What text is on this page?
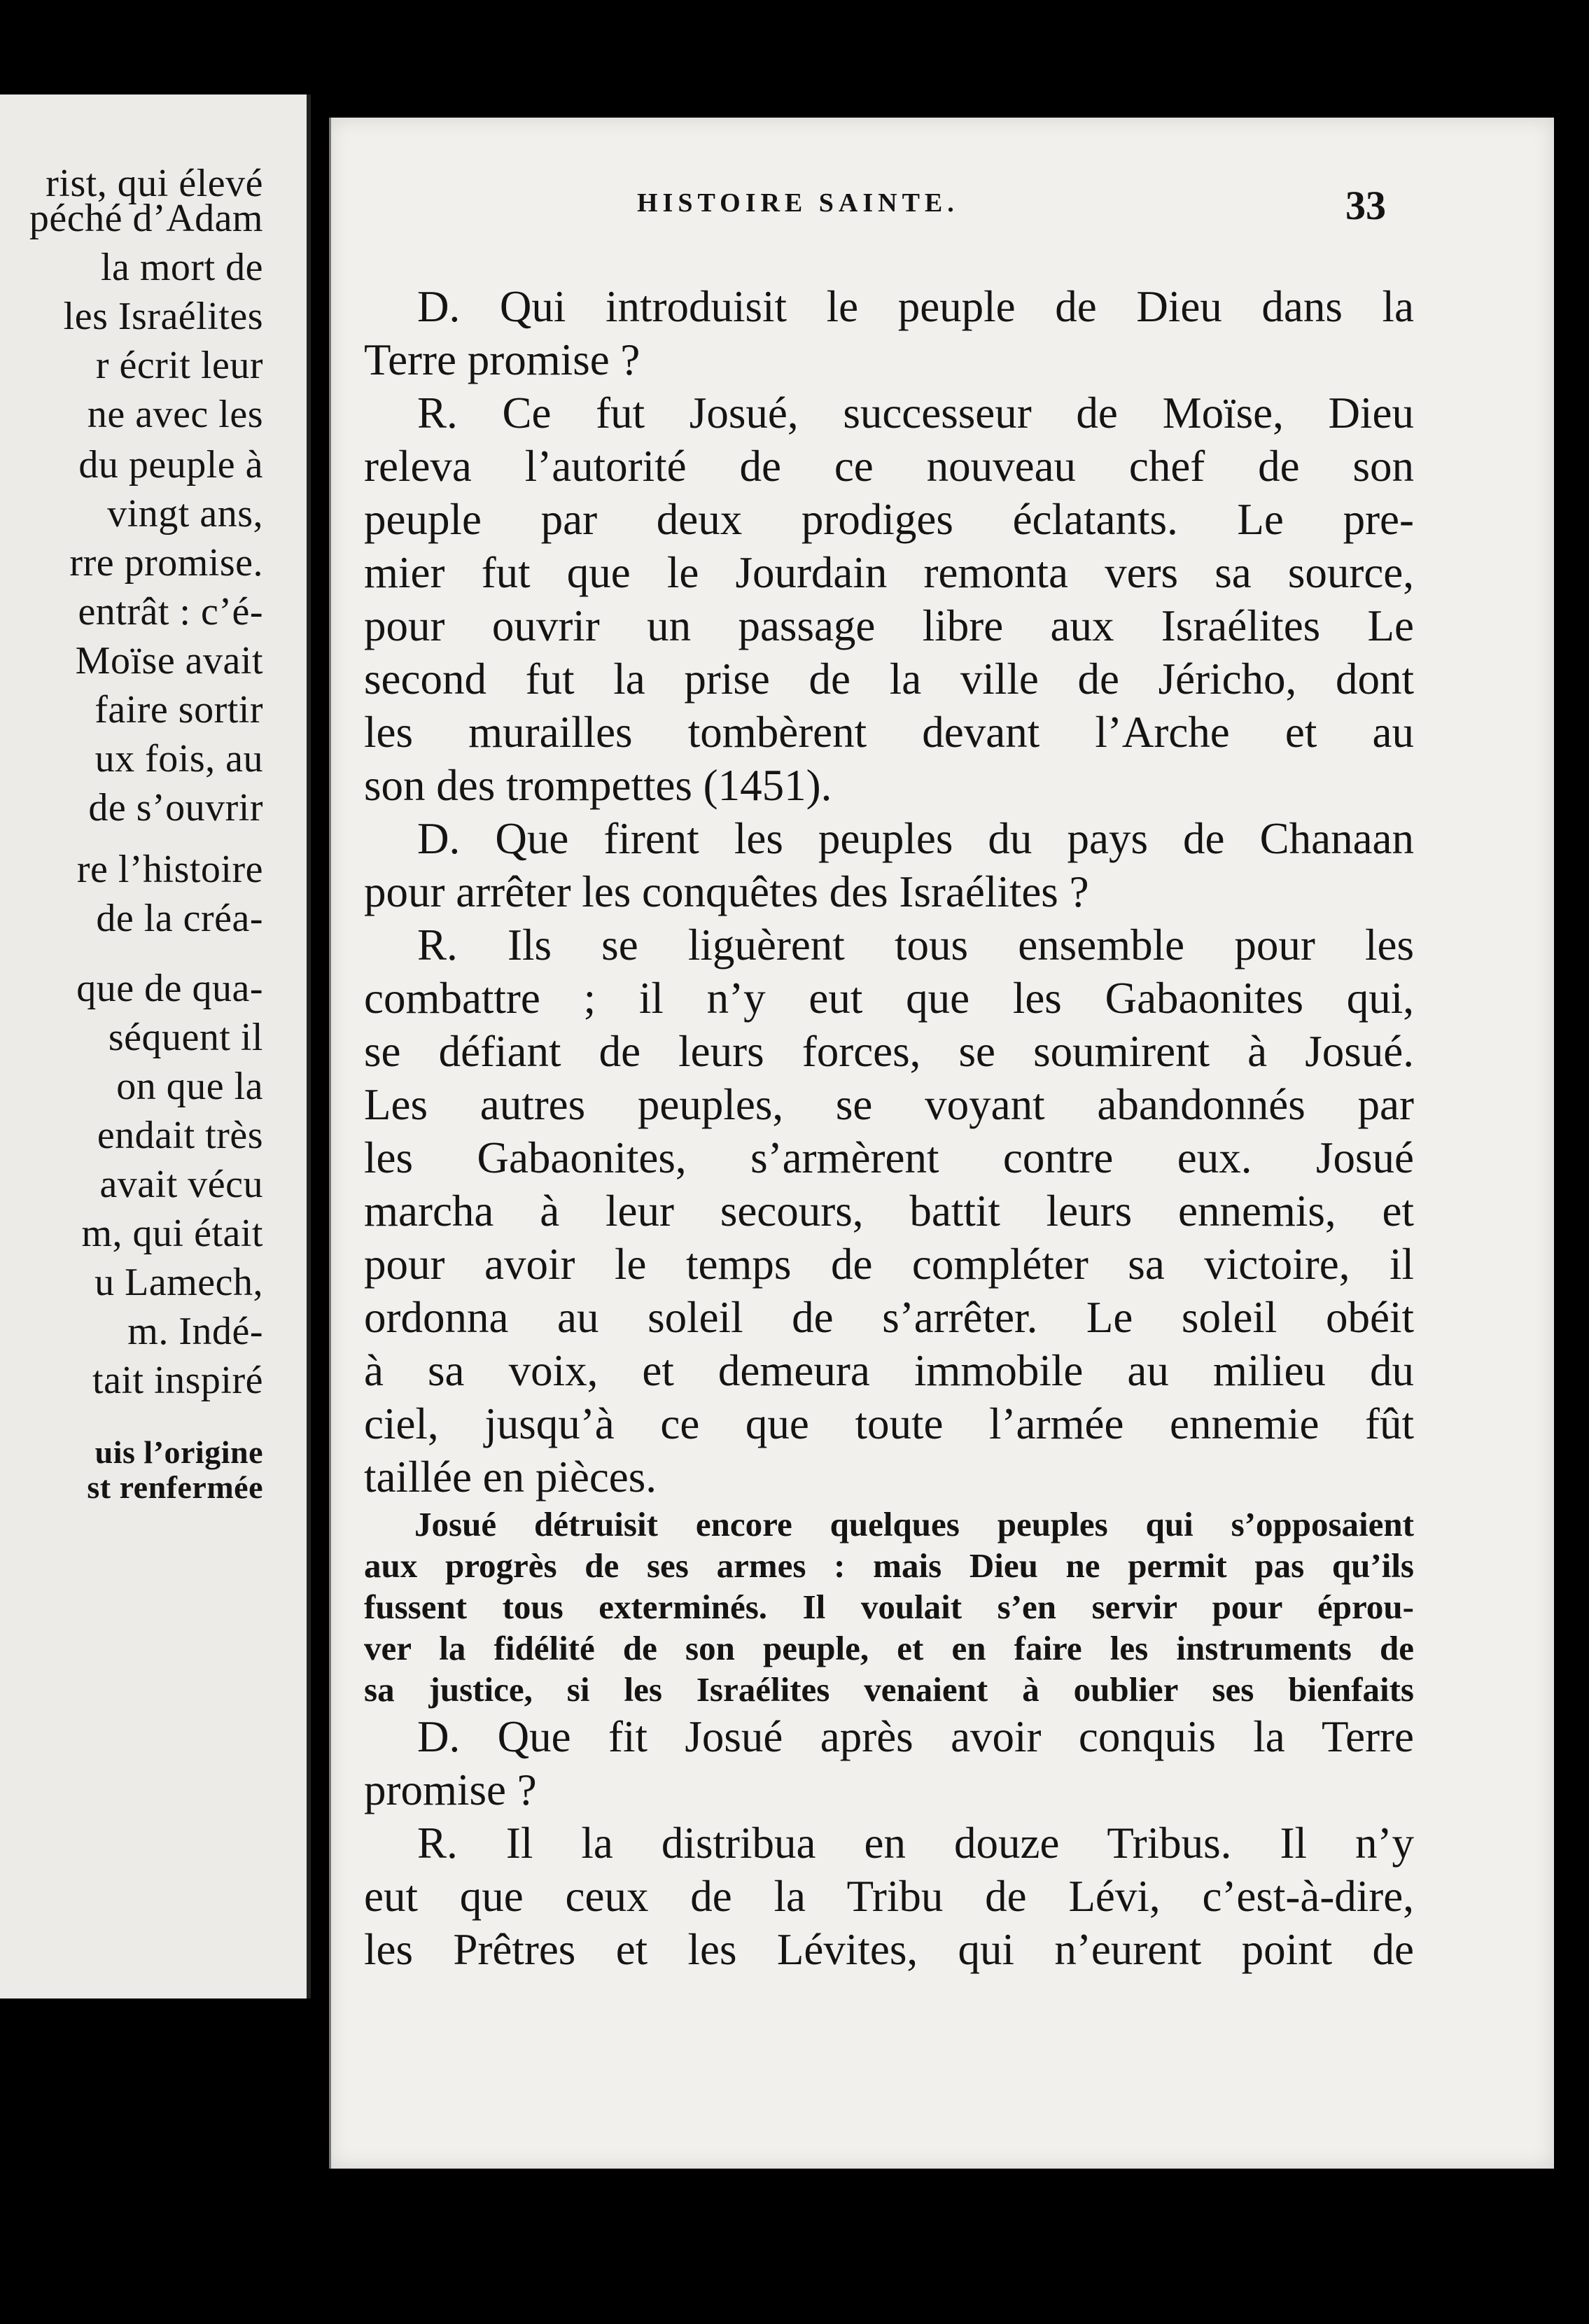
rist, qui élevé
péché d’Adam
la mort de
les Israélites
r écrit leur
ne avec les
du peuple à
vingt ans,
rre promise.
entrât : c’é-
Moïse avait
faire sortir
ux fois, au
de s’ouvrir
re l’histoire
de la créa-
que de qua-
séquent il
on que la
endait très
avait vécu
m, qui était
u Lamech,
m. Indé-
tait inspiré
uis l’origine
st renfermée
HISTOIRE SAINTE.	33
D. Qui introduisit le peuple de Dieu dans la
Terre promise ?
R. Ce fut Josué, successeur de Moïse, Dieu
releva l’autorité de ce nouveau chef de son
peuple par deux prodiges éclatants. Le pre-
mier fut que le Jourdain remonta vers sa source,
pour ouvrir un passage libre aux Israélites Le
second fut la prise de la ville de Jéricho, dont
les murailles tombèrent devant l’Arche et au
son des trompettes (1451).
D. Que firent les peuples du pays de Chanaan
pour arrêter les conquêtes des Israélites ?
R. Ils se liguèrent tous ensemble pour les
combattre ; il n’y eut que les Gabaonites qui,
se défiant de leurs forces, se soumirent à Josué.
Les autres peuples, se voyant abandonnés par
les Gabaonites, s’armèrent contre eux. Josué
marcha à leur secours, battit leurs ennemis, et
pour avoir le temps de compléter sa victoire, il
ordonna au soleil de s’arrêter. Le soleil obéit
à sa voix, et demeura immobile au milieu du
ciel, jusqu’à ce que toute l’armée ennemie fût
taillée en pièces.
Josué détruisit encore quelques peuples qui s’opposaient
aux progrès de ses armes : mais Dieu ne permit pas qu’ils
fussent tous exterminés. Il voulait s’en servir pour éprou-
ver la fidélité de son peuple, et en faire les instruments de
sa justice, si les Israélites venaient à oublier ses bienfaits
D. Que fit Josué après avoir conquis la Terre
promise ?
R. Il la distribua en douze Tribus. Il n’y
eut que ceux de la Tribu de Lévi, c’est-à-dire,
les Prêtres et les Lévites, qui n’eurent point de
